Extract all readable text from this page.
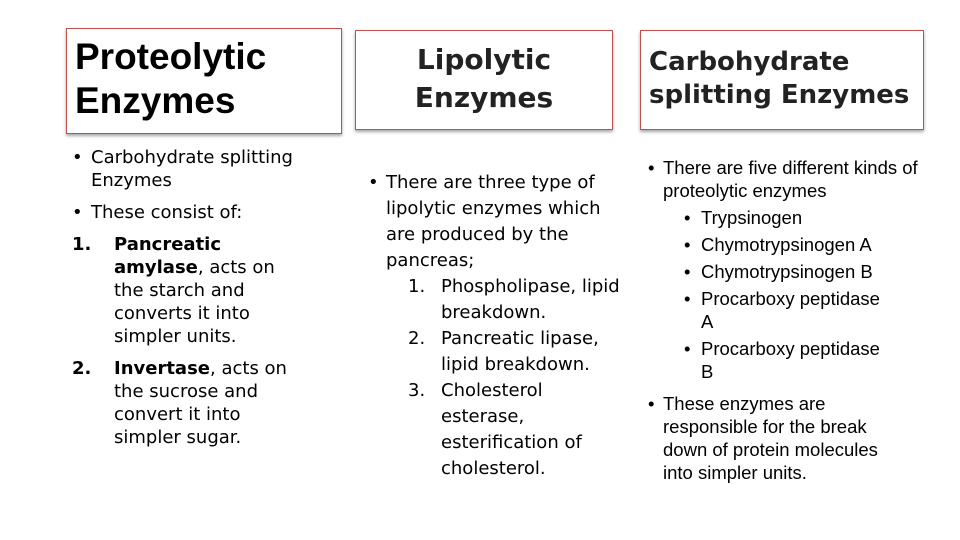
Proteolytic Enzymes
Lipolytic
Enzymes
Carbohydrate
splitting Enzymes
• Carbohydrate splitting Enzymes
• These consist of:
1. Pancreatic amylase, acts on the starch and converts it into simpler units.
2. Invertase, acts on the sucrose and convert it into simpler sugar.
• There are three type of lipolytic enzymes which are produced by the pancreas;
1. Phospholipase, lipid breakdown.
2. Pancreatic lipase, lipid breakdown.
3. Cholesterol esterase, esterification of cholesterol.
• There are five different kinds of proteolytic enzymes
• Trypsinogen
• Chymotrypsinogen A
• Chymotrypsinogen B
• Procarboxy peptidase A
• Procarboxy peptidase B
• These enzymes are responsible for the break down of protein molecules into simpler units.
